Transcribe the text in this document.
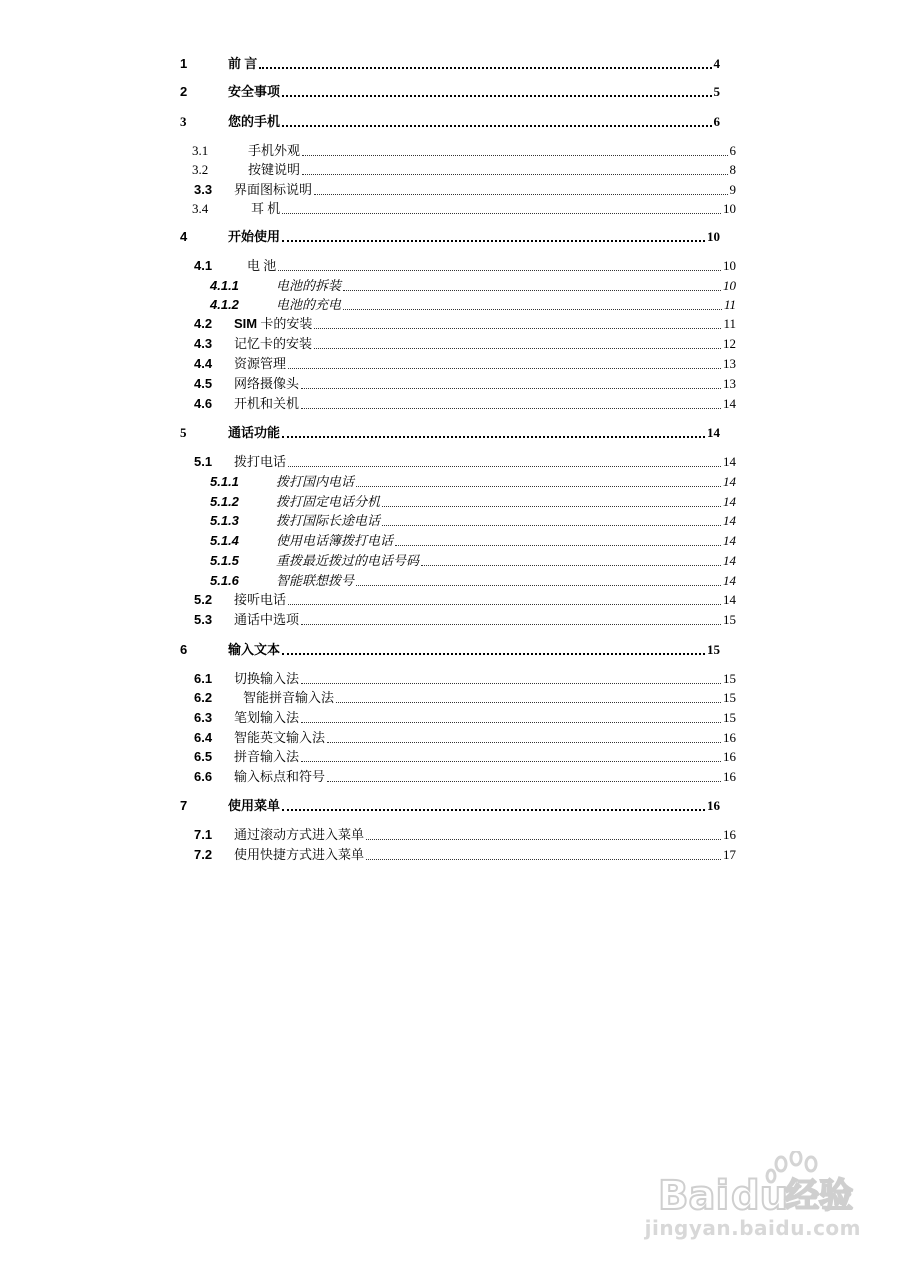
1	前 言	4
2	安全事项	5
3	您的手机	6
3.1	手机外观	6
3.2	按键说明	8
3.3 界面图标说明	9
3.4	耳 机	10
4	开始使用	10
4.1	电 池	10
4.1.1	电池的拆装	10
4.1.2	电池的充电	11
4.2 SIM 卡的安装	11
4.3 记忆卡的安装	12
4.4 资源管理	13
4.5 网络摄像头	13
4.6 开机和关机	14
5	通话功能	14
5.1 拨打电话	14
5.1.1	拨打国内电话	14
5.1.2	拨打固定电话分机	14
5.1.3	拨打国际长途电话	14
5.1.4	使用电话簿拨打电话	14
5.1.5	重拨最近拨过的电话号码	14
5.1.6	智能联想拨号	14
5.2 接听电话	14
5.3 通话中选项	15
6	输入文本	15
6.1 切换输入法	15
6.2 智能拼音输入法	15
6.3 笔划输入法	15
6.4 智能英文输入法	16
6.5 拼音输入法	16
6.6 输入标点和符号	16
7	使用菜单	16
7.1 通过滚动方式进入菜单	16
7.2 使用快捷方式进入菜单	17
Bai du
经验
jingyan.baidu.com
